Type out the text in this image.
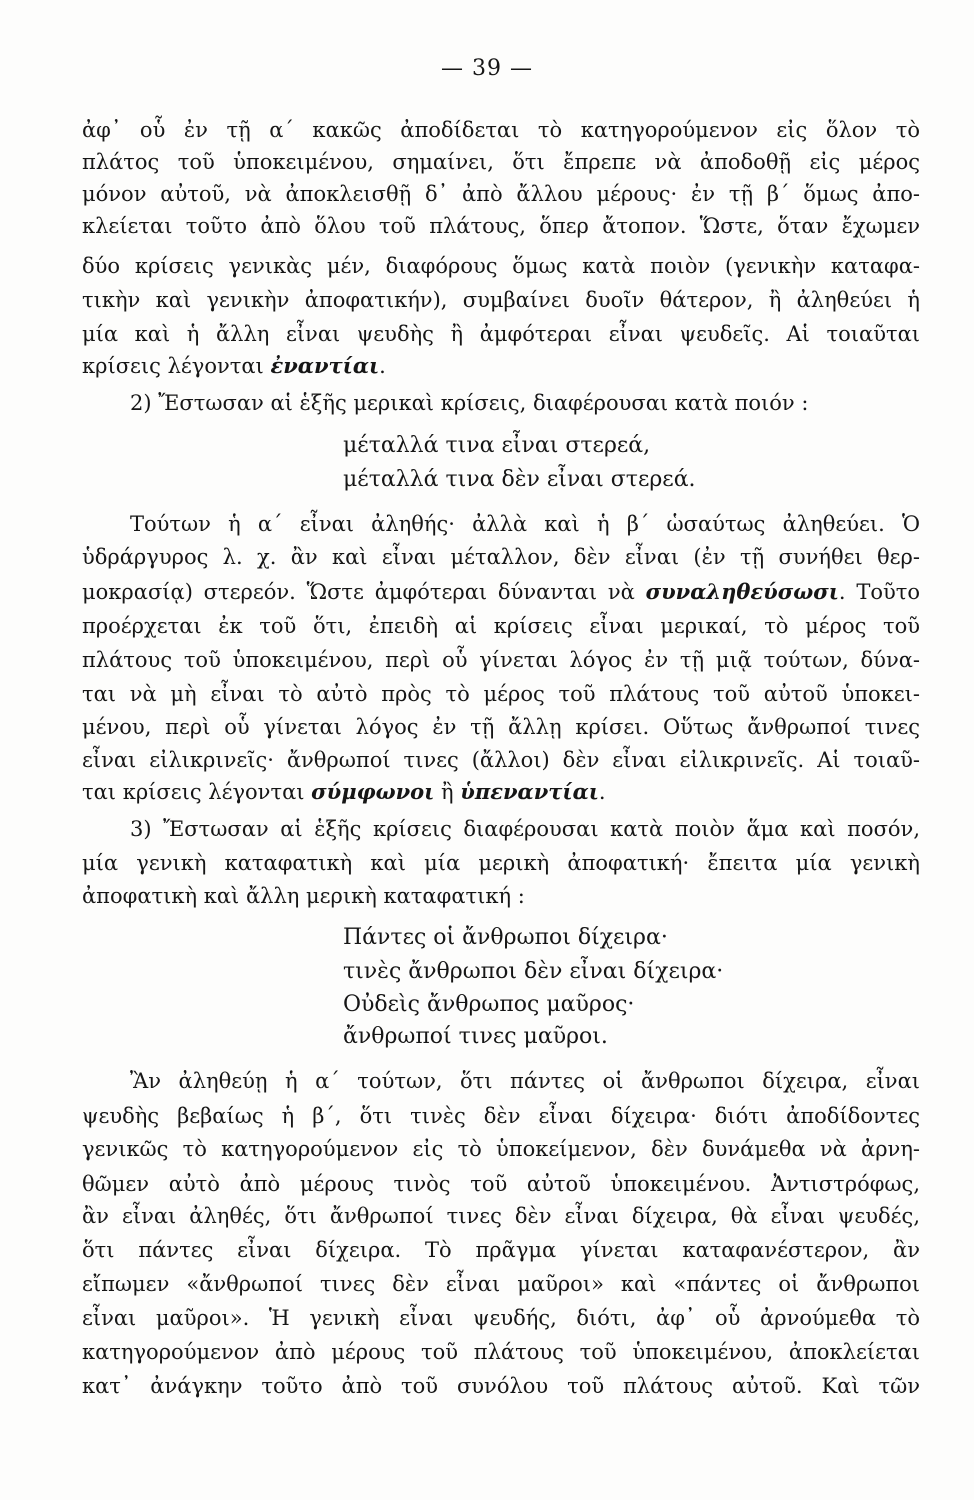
— 39 —
ἀφ᾽ οὗ ἐν τῇ α΄ κακῶς ἀποδίδεται τὸ κατηγορούμενον εἰς ὅλον τὸ
πλάτος τοῦ ὑποκειμένου, σημαίνει, ὅτι ἔπρεπε νὰ ἀποδοθῇ εἰς μέρος
μόνον αὐτοῦ, νὰ ἀποκλεισθῇ δ᾽ ἀπὸ ἄλλου μέρους· ἐν τῇ β΄ ὅμως ἀπο-
κλείεται τοῦτο ἀπὸ ὅλου τοῦ πλάτους, ὅπερ ἄτοπον. Ὥστε, ὅταν ἔχωμεν
δύο κρίσεις γενικὰς μέν, διαφόρους ὅμως κατὰ ποιὸν (γενικὴν καταφα-
τικὴν καὶ γενικὴν ἀποφατικήν), συμβαίνει δυοῖν θάτερον, ἢ ἀληθεύει ἡ
μία καὶ ἡ ἄλλη εἶναι ψευδὴς ἢ ἀμφότεραι εἶναι ψευδεῖς. Αἱ τοιαῦται
κρίσεις λέγονται ἐναντίαι.
2) Ἔστωσαν αἱ ἑξῆς μερικαὶ κρίσεις, διαφέρουσαι κατὰ ποιόν :
μέταλλά τινα εἶναι στερεά,
μέταλλά τινα δὲν εἶναι στερεά.
Τούτων ἡ α΄ εἶναι ἀληθής· ἀλλὰ καὶ ἡ β΄ ὡσαύτως ἀληθεύει. Ὁ
ὑδράργυρος λ. χ. ἂν καὶ εἶναι μέταλλον, δὲν εἶναι (ἐν τῇ συνήθει θερ-
μοκρασίᾳ) στερεόν. Ὥστε ἀμφότεραι δύνανται νὰ συναληθεύσωσι. Τοῦτο
προέρχεται ἐκ τοῦ ὅτι, ἐπειδὴ αἱ κρίσεις εἶναι μερικαί, τὸ μέρος τοῦ
πλάτους τοῦ ὑποκειμένου, περὶ οὗ γίνεται λόγος ἐν τῇ μιᾷ τούτων, δύνα-
ται νὰ μὴ εἶναι τὸ αὐτὸ πρὸς τὸ μέρος τοῦ πλάτους τοῦ αὐτοῦ ὑποκει-
μένου, περὶ οὗ γίνεται λόγος ἐν τῇ ἄλλῃ κρίσει. Οὕτως ἄνθρωποί τινες
εἶναι εἰλικρινεῖς· ἄνθρωποί τινες (ἄλλοι) δὲν εἶναι εἰλικρινεῖς. Αἱ τοιαῦ-
ται κρίσεις λέγονται σύμφωνοι ἢ ὑπεναντίαι.
3) Ἔστωσαν αἱ ἑξῆς κρίσεις διαφέρουσαι κατὰ ποιὸν ἅμα καὶ ποσόν,
μία γενικὴ καταφατικὴ καὶ μία μερικὴ ἀποφατική· ἔπειτα μία γενικὴ
ἀποφατικὴ καὶ ἄλλη μερικὴ καταφατική :
Πάντες οἱ ἄνθρωποι δίχειρα·
τινὲς ἄνθρωποι δὲν εἶναι δίχειρα·
Οὐδεὶς ἄνθρωπος μαῦρος·
ἄνθρωποί τινες μαῦροι.
Ἂν ἀληθεύῃ ἡ α΄ τούτων, ὅτι πάντες οἱ ἄνθρωποι δίχειρα, εἶναι
ψευδὴς βεβαίως ἡ β΄, ὅτι τινὲς δὲν εἶναι δίχειρα· διότι ἀποδίδοντες
γενικῶς τὸ κατηγορούμενον εἰς τὸ ὑποκείμενον, δὲν δυνάμεθα νὰ ἀρνη-
θῶμεν αὐτὸ ἀπὸ μέρους τινὸς τοῦ αὐτοῦ ὑποκειμένου. Ἀντιστρόφως,
ἂν εἶναι ἀληθές, ὅτι ἄνθρωποί τινες δὲν εἶναι δίχειρα, θὰ εἶναι ψευδές,
ὅτι πάντες εἶναι δίχειρα. Τὸ πρᾶγμα γίνεται καταφανέστερον, ἂν
εἴπωμεν «ἄνθρωποί τινες δὲν εἶναι μαῦροι» καὶ «πάντες οἱ ἄνθρωποι
εἶναι μαῦροι». Ἡ γενικὴ εἶναι ψευδής, διότι, ἀφ᾽ οὗ ἀρνούμεθα τὸ
κατηγορούμενον ἀπὸ μέρους τοῦ πλάτους τοῦ ὑποκειμένου, ἀποκλείεται
κατ᾽ ἀνάγκην τοῦτο ἀπὸ τοῦ συνόλου τοῦ πλάτους αὐτοῦ. Καὶ τῶν
